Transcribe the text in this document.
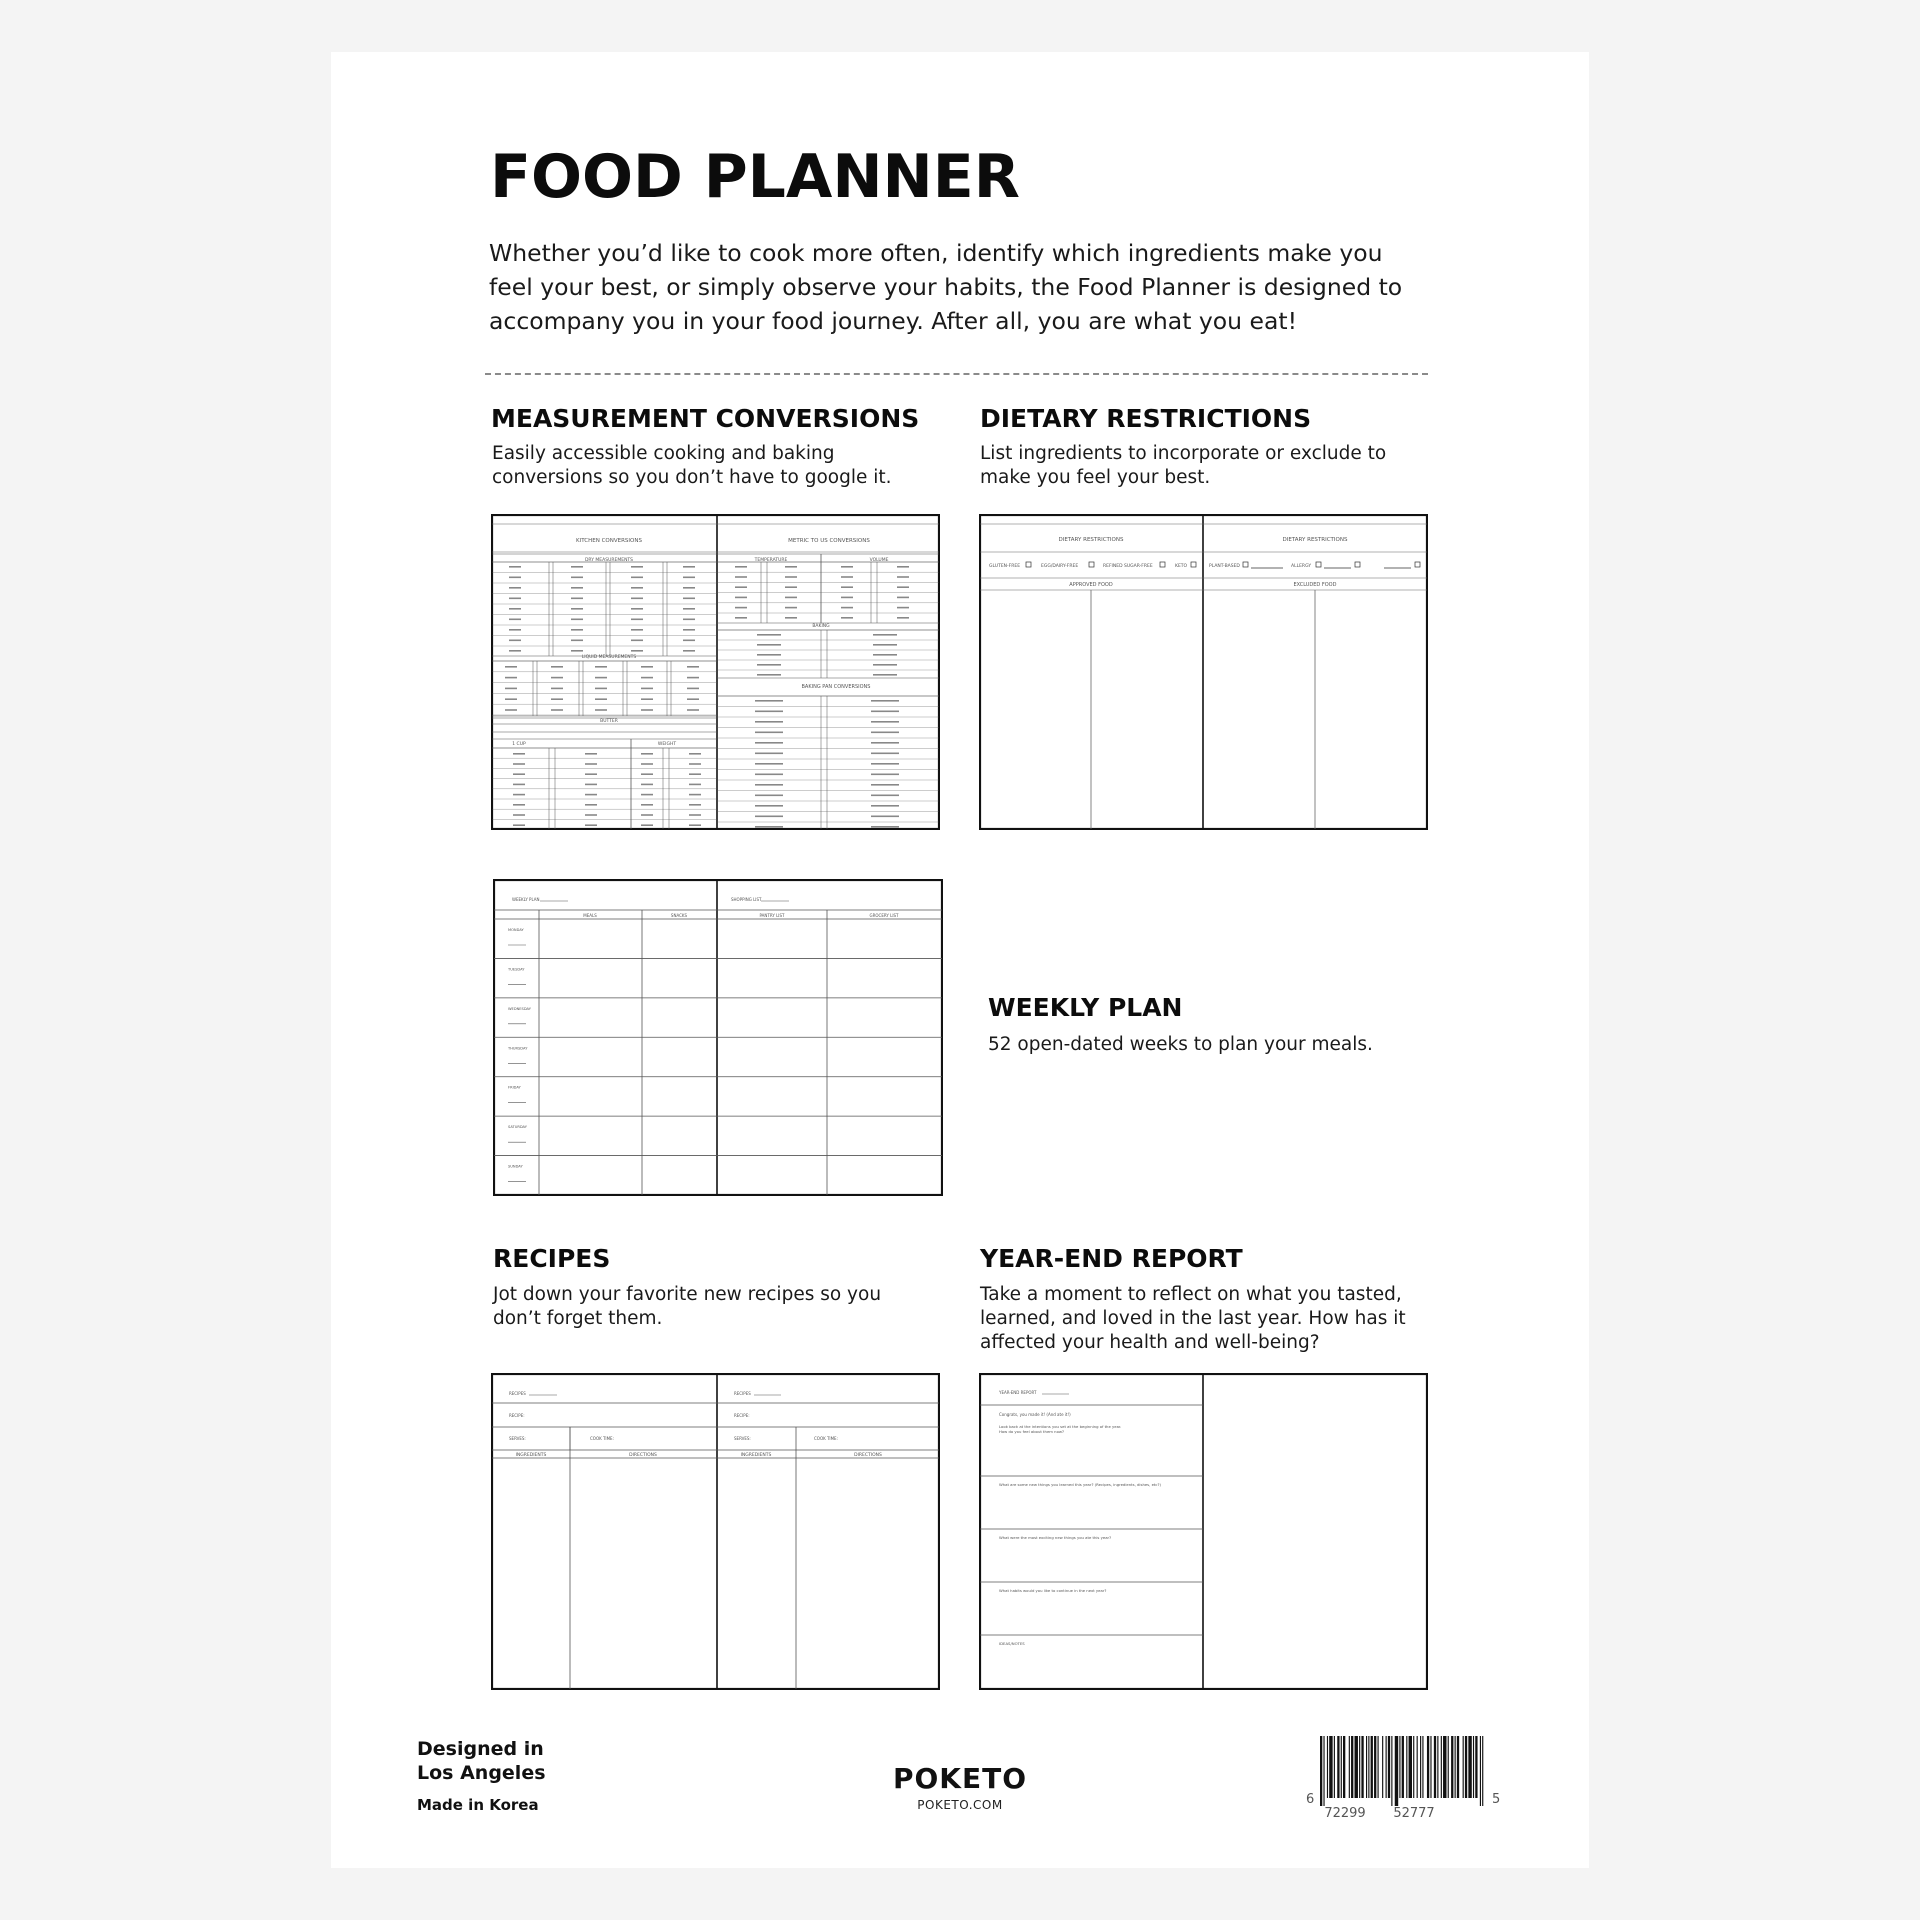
FOOD PLANNER

Whether you’d like to cook more often, identify which ingredients make you feel your best, or simply observe your habits, the Food Planner is designed to accompany you in your food journey. After all, you are what you eat!

MEASUREMENT CONVERSIONS

Easily accessible cooking and baking
conversions so you don’t have to google it.

KITCHEN CONVERSIONS	METRIC TO US CONVERSIONS
DRY MEASUREMENTS
LIQUID MEASUREMENTS
BUTTER
1 CUP	WEIGHT
TEMPERATURE	VOLUME
BAKING
BAKING PAN CONVERSIONS
DIETARY RESTRICTIONS

List ingredients to incorporate or exclude to
make you feel your best.

DIETARY RESTRICTIONS	DIETARY RESTRICTIONS
GLUTEN-FREE	EGG/DAIRY-FREE	REFINED SUGAR-FREE	KETO	PLANT-BASED	ALLERGY
APPROVED FOOD	EXCLUDED FOOD
WEEKLY PLAN	SHOPPING LIST
MEALS	SNACKS	PANTRY LIST	GROCERY LIST
MONDAY
TUESDAY
WEDNESDAY
THURSDAY
FRIDAY
SATURDAY
SUNDAY
WEEKLY PLAN

52 open-dated weeks to plan your meals.

RECIPES

Jot down your favorite new recipes so you
don’t forget them.

RECIPES	RECIPES
RECIPE:	RECIPE:
SERVES:	COOK TIME:	SERVES:	COOK TIME:
INGREDIENTS	DIRECTIONS	INGREDIENTS	DIRECTIONS
YEAR-END REPORT

Take a moment to reflect on what you tasted,
learned, and loved in the last year. How has it
affected your health and well-being?

YEAR-END REPORT
Congrats, you made it! (And ate it!)
Look back at the intentions you set at the beginning of the year.
How do you feel about them now?
What are some new things you learned this year? (Recipes, ingredients, dishes, etc?)
What were the most exciting new things you ate this year?
What habits would you like to continue in the next year?
IDEAS/NOTES
Designed in
Los Angeles
Made in Korea
POKETO
POKETO.COM	6
72299 52777
5
